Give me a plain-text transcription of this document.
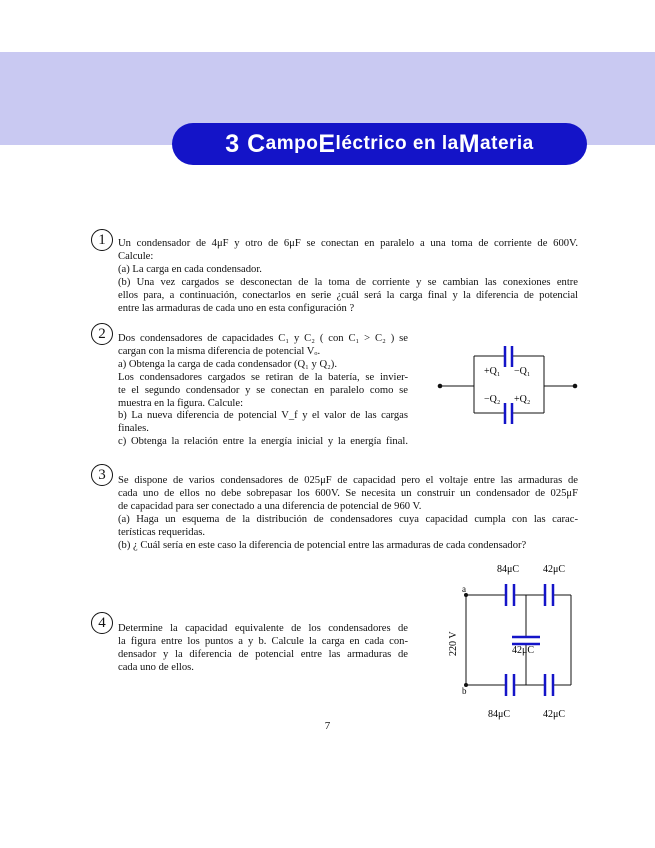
3
C ampo E léctrico en la M ateria
1	Un condensador de 4μF y otro de 6μF se conectan en paralelo a una toma de corriente de 600V.
Calcule:
(a) La carga en cada condensador.
(b) Una vez cargados se desconectan de la toma de corriente y se cambian las conexiones entre
ellos para, a continuación, conectarlos en serie ¿cuál será la carga final y la diferencia de potencial
entre las armaduras de cada uno en esta configuración ?
2	Dos condensadores de capacidades C₁ y C₂ ( con C₁ > C₂ ) se
cargan con la misma diferencia de potencial Vₒ.
a) Obtenga la carga de cada condensador (Q₁ y Q₂).
Los condensadores cargados se retiran de la batería, se invier-
te el segundo condensador y se conectan en paralelo como se
muestra en la figura. Calcule:
b) La nueva diferencia de potencial V_f y el valor de las cargas
finales.
c) Obtenga la relación entre la energía inicial y la energía final.
+Q₁ −Q₁
−Q₂ +Q₂
3	Se dispone de varios condensadores de 025μF de capacidad pero el voltaje entre las armaduras de
cada uno de ellos no debe sobrepasar los 600V. Se necesita un construir un condensador de 025μF
de capacidad para ser conectado a una diferencia de potencial de 960 V.
(a) Haga un esquema de la distribución de condensadores cuya capacidad cumpla con las carac-
terísticas requeridas.
(b) ¿ Cuál sería en este caso la diferencia de potencial entre las armaduras de cada condensador?
4	Determine la capacidad equivalente de los condensadores de
la figura entre los puntos a y b. Calcule la carga en cada con-
densador y la diferencia de potencial entre las armaduras de
cada uno de ellos.
a
b
84μC 42μC
42μC
84μC	42μC
220 V
7
